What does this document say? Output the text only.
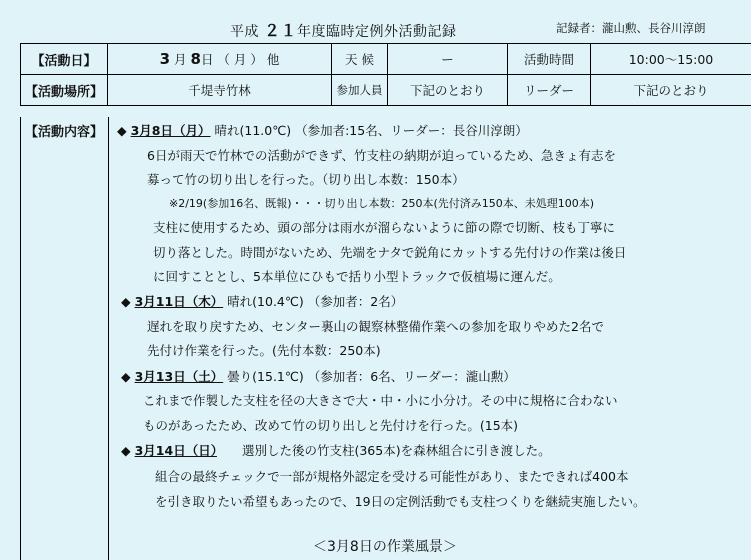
平成 ２１年度臨時定例外活動記録	記録者：瀧山勲、長谷川淳朗
【活動日】	3 月 8日 （ 月 ） 他	天 候	ー	活動時間	10:00～15:00
【活動場所】	千堤寺竹林	参加人員	下記のとおり	リーダー	下記のとおり
【活動内容】 ◆ 3月8日（月） 晴れ(11.0℃) （参加者:15名、リーダー：長谷川淳朗）
6日が雨天で竹林での活動ができず、竹支柱の納期が迫っているため、急きょ有志を
募って竹の切り出しを行った。（切り出し本数：150本）
※2/19(参加16名、既報)・・・切り出し本数：250本(先付済み150本、未処理100本)
支柱に使用するため、頭の部分は雨水が溜らないように節の際で切断、枝も丁寧に
切り落とした。時間がないため、先端をナタで鋭角にカットする先付けの作業は後日
に回すこととし、5本単位にひもで括り小型トラックで仮植場に運んだ。
◆ 3月11日（木） 晴れ(10.4℃) （参加者：2名）
遅れを取り戻すため、センター裏山の観察林整備作業への参加を取りやめた2名で
先付け作業を行った。(先付本数：250本)
◆ 3月13日（土） 曇り(15.1℃) （参加者：6名、リーダー：瀧山勲）
これまで作製した支柱を径の大きさで大・中・小に小分け。その中に規格に合わない
ものがあったため、改めて竹の切り出しと先付けを行った。(15本)
◆ 3月14日（日）　　選別した後の竹支柱(365本)を森林組合に引き渡した。
組合の最終チェックで一部が規格外認定を受ける可能性があり、またできれば400本
を引き取りたい希望もあったので、19日の定例活動でも支柱つくりを継続実施したい。
＜3月8日の作業風景＞
